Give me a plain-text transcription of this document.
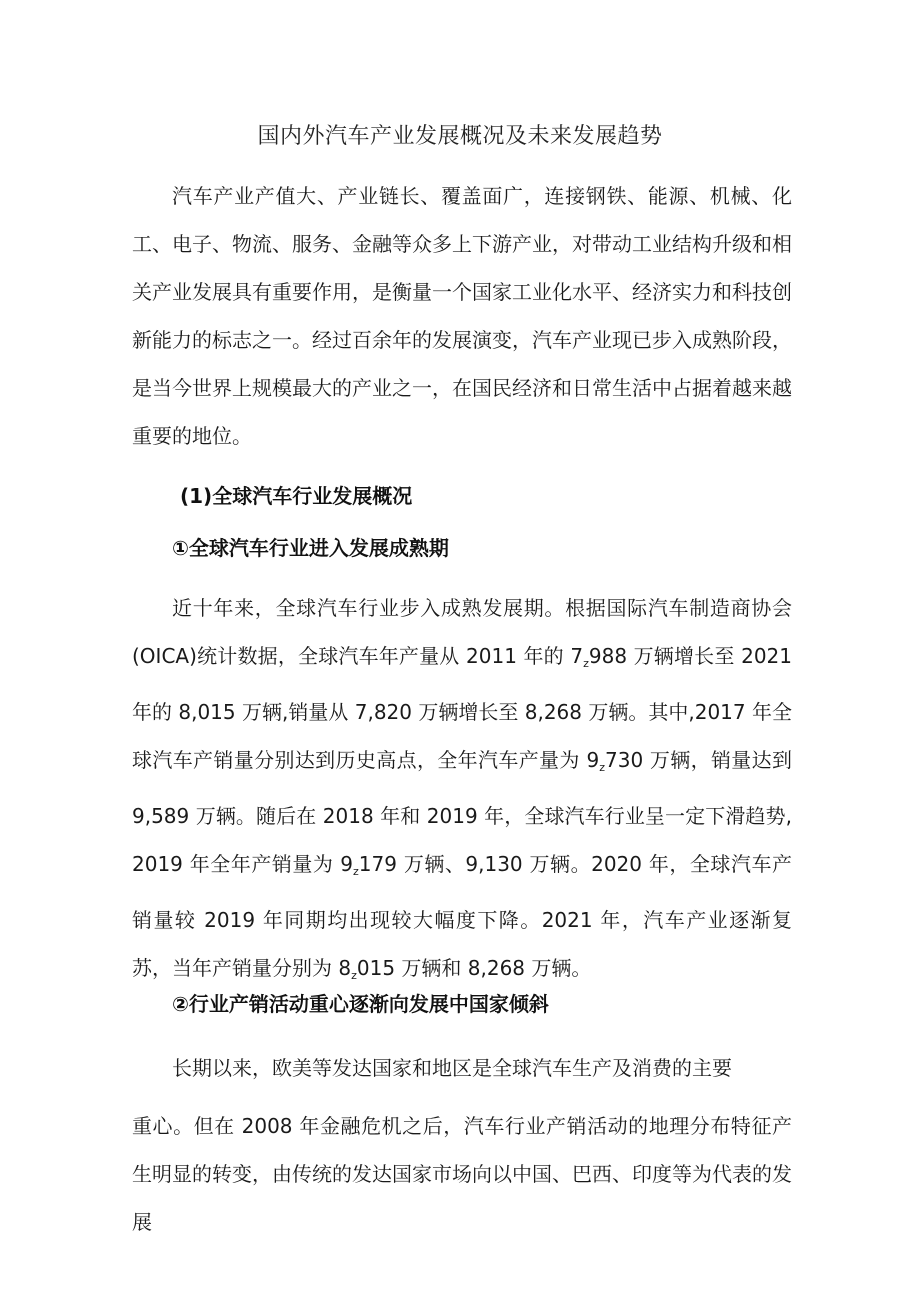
国内外汽车产业发展概况及未来发展趋势
汽车产业产值大、产业链长、覆盖面广，连接钢铁、能源、机械、化工、电子、物流、服务、金融等众多上下游产业，对带动工业结构升级和相关产业发展具有重要作用，是衡量一个国家工业化水平、经济实力和科技创新能力的标志之一。经过百余年的发展演变，汽车产业现已步入成熟阶段，是当今世界上规模最大的产业之一，在国民经济和日常生活中占据着越来越重要的地位。
(1)全球汽车行业发展概况
①全球汽车行业进入发展成熟期
近十年来，全球汽车行业步入成熟发展期。根据国际汽车制造商协会(OICA)统计数据，全球汽车年产量从 2011 年的 $7_z988$ 万辆增长至 2021 年的 8,015 万辆,销量从 7,820 万辆增长至 8,268 万辆。其中,2017 年全球汽车产销量分别达到历史高点，全年汽车产量为 $9_z730$ 万辆，销量达到 9,589 万辆。随后在 2018 年和 2019 年，全球汽车行业呈一定下滑趋势,2019 年全年产销量为 $9_z179$ 万辆、9,130 万辆。2020 年，全球汽车产销量较 2019 年同期均出现较大幅度下降。2021 年，汽车产业逐渐复苏，当年产销量分别为 $8_z015$ 万辆和 8,268 万辆。
②行业产销活动重心逐渐向发展中国家倾斜
长期以来，欧美等发达国家和地区是全球汽车生产及消费的主要
重心。但在 2008 年金融危机之后，汽车行业产销活动的地理分布特征产生明显的转变，由传统的发达国家市场向以中国、巴西、印度等为代表的发展
